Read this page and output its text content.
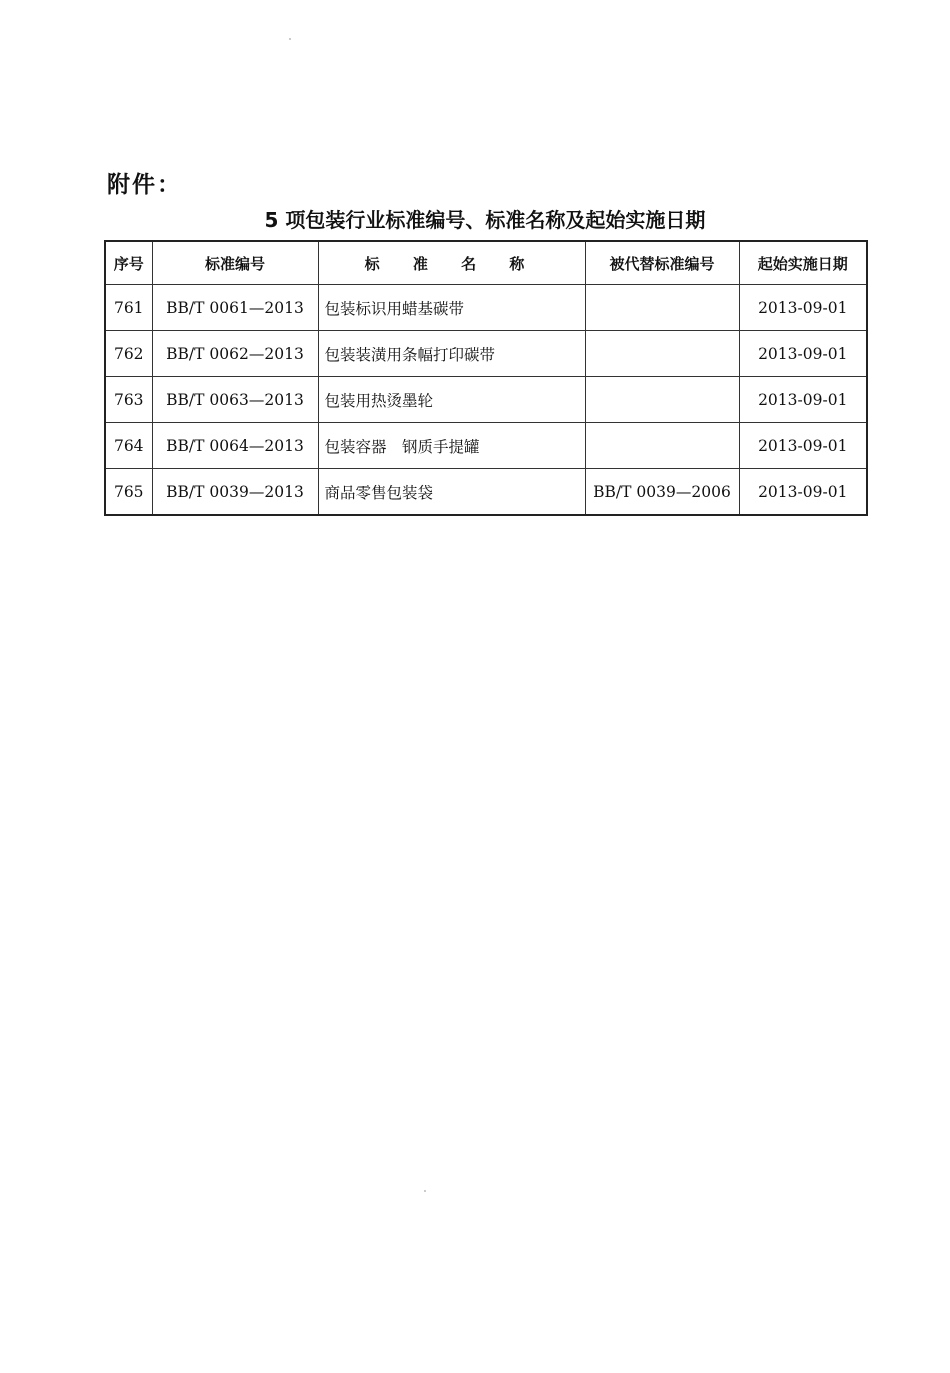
附件：
5 项包装行业标准编号、标准名称及起始实施日期
序号	标准编号	标 准 名 称	被代替标准编号	起始实施日期
761	BB/T 0061—2013	包装标识用蜡基碳带		2013-09-01
762	BB/T 0062—2013	包装装潢用条幅打印碳带		2013-09-01
763	BB/T 0063—2013	包装用热烫墨轮		2013-09-01
764	BB/T 0064—2013	包装容器　钢质手提罐		2013-09-01
765	BB/T 0039—2013	商品零售包装袋	BB/T 0039—2006	2013-09-01
